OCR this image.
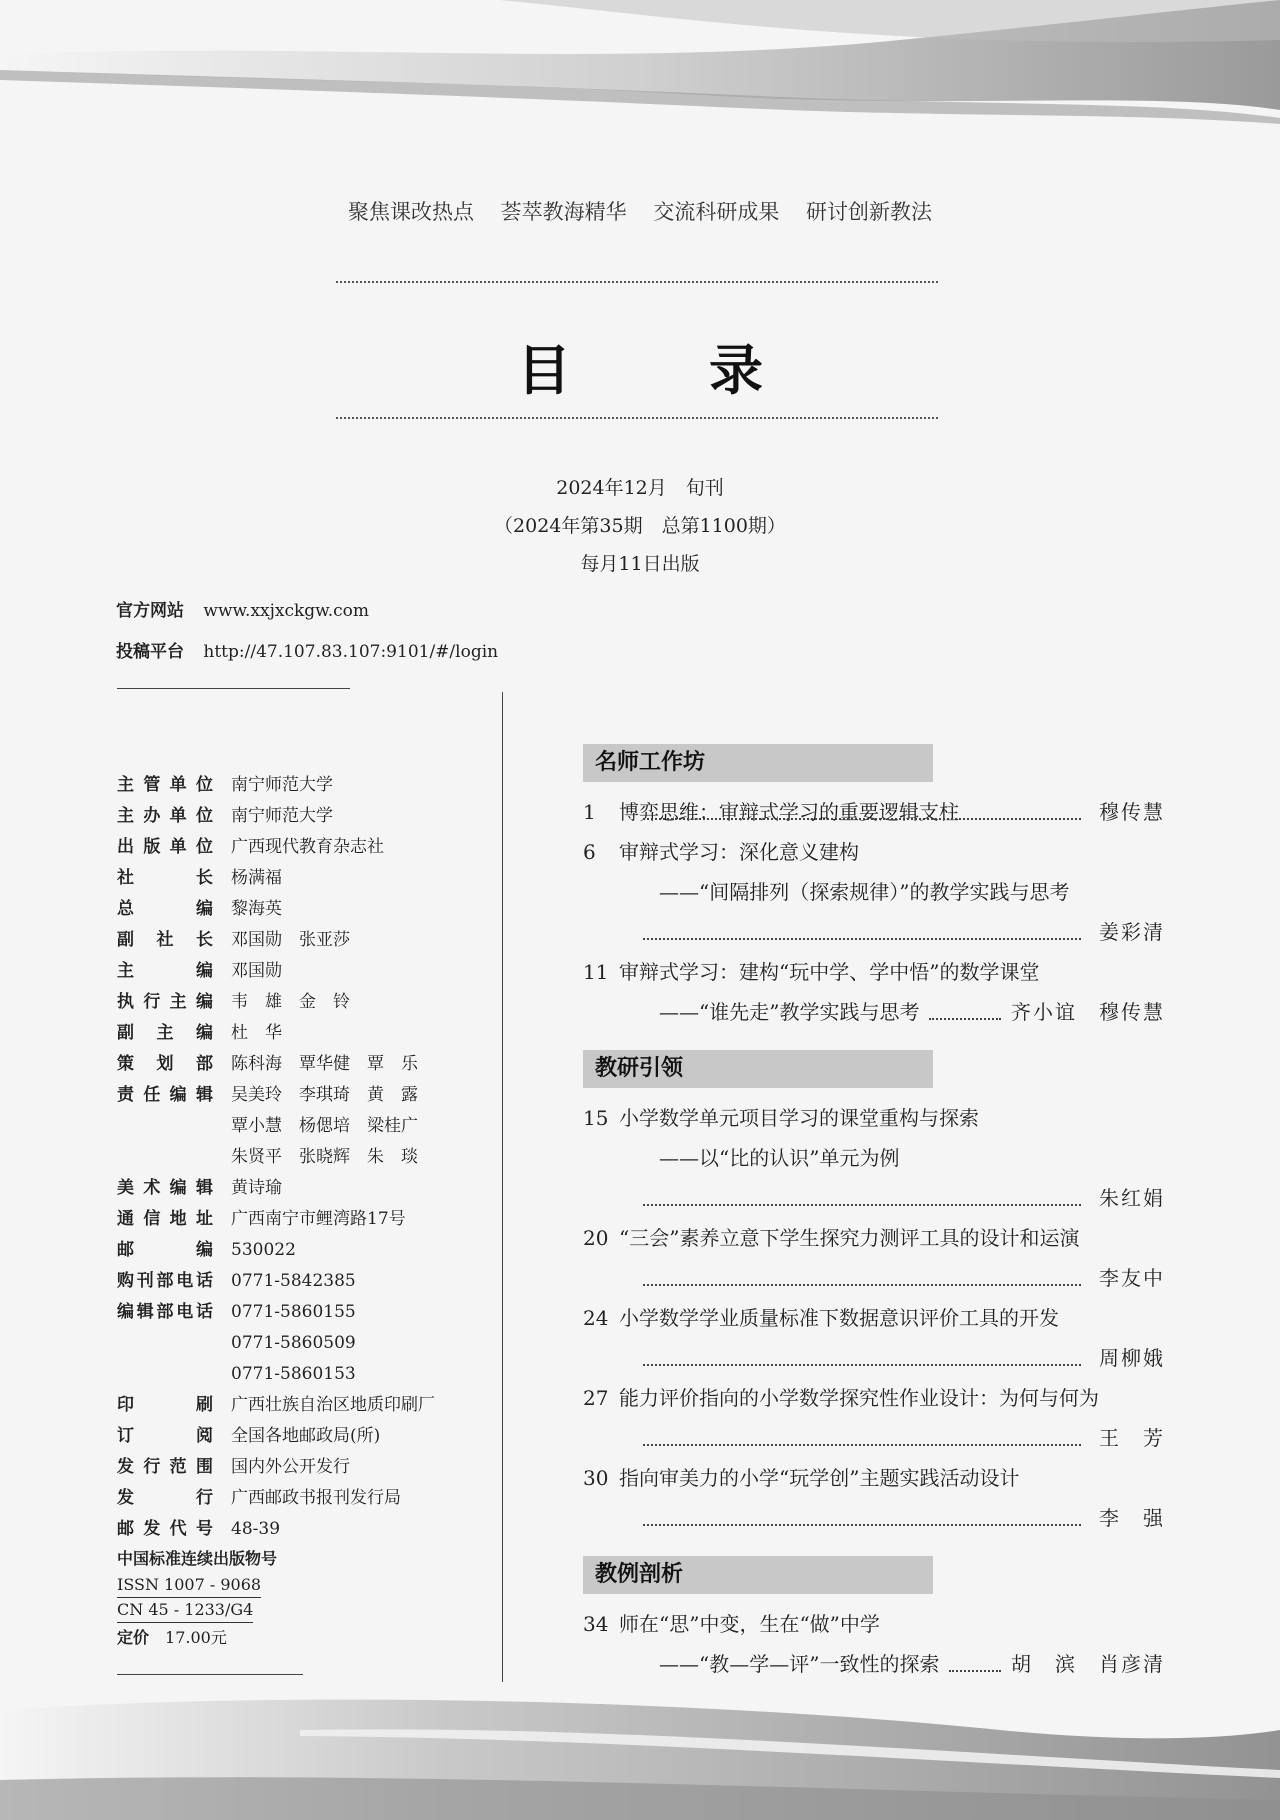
聚焦课改热点 荟萃教海精华 交流科研成果 研讨创新教法
目　录
2024年12月　旬刊
（2024年第35期　总第1100期）
每月11日出版
官方网站 www.xxjxckgw.com
投稿平台 http://47.107.83.107:9101/#/login
主管单位 南宁师范大学
主办单位 南宁师范大学
出版单位 广西现代教育杂志社
社长 杨满福
总编 黎海英
副社长 邓国勋　张亚莎
主编 邓国勋
执行主编 韦　雄　金　铃
副主编 杜　华
策划部 陈科海　覃华健　覃　乐
责任编辑 吴美玲　李琪琦　黄　露
覃小慧　杨偲培　梁桂广
朱贤平　张晓辉　朱　琰
美术编辑 黄诗瑜
通信地址 广西南宁市鲤湾路17号
邮编 530022
购刊部电话 0771-5842385
编辑部电话 0771-5860155
0771-5860509
0771-5860153
印刷 广西壮族自治区地质印刷厂
订阅 全国各地邮政局(所)
发行范围 国内外公开发行
发行 广西邮政书报刊发行局
邮发代号 48-39
中国标准连续出版物号
ISSN 1007 - 9068
CN 45 - 1233/G4
定价 17.00元
名师工作坊
1	博弈思维：审辩式学习的重要逻辑支柱	穆传慧
6	审辩式学习：深化意义建构
——“间隔排列（探索规律）”的教学实践与思考
姜彩清
11 审辩式学习：建构“玩中学、学中悟”的数学课堂
——“谁先走”教学实践与思考	齐小谊　穆传慧
教研引领
15 小学数学单元项目学习的课堂重构与探索
——以“比的认识”单元为例
朱红娟
20 “三会”素养立意下学生探究力测评工具的设计和运演
李友中
24 小学数学学业质量标准下数据意识评价工具的开发
周柳娥
27 能力评价指向的小学数学探究性作业设计：为何与何为
王　芳
30 指向审美力的小学“玩学创”主题实践活动设计
李　强
教例剖析
34 师在“思”中变，生在“做”中学
——“教—学—评”一致性的探索	胡　滨　肖彦清
